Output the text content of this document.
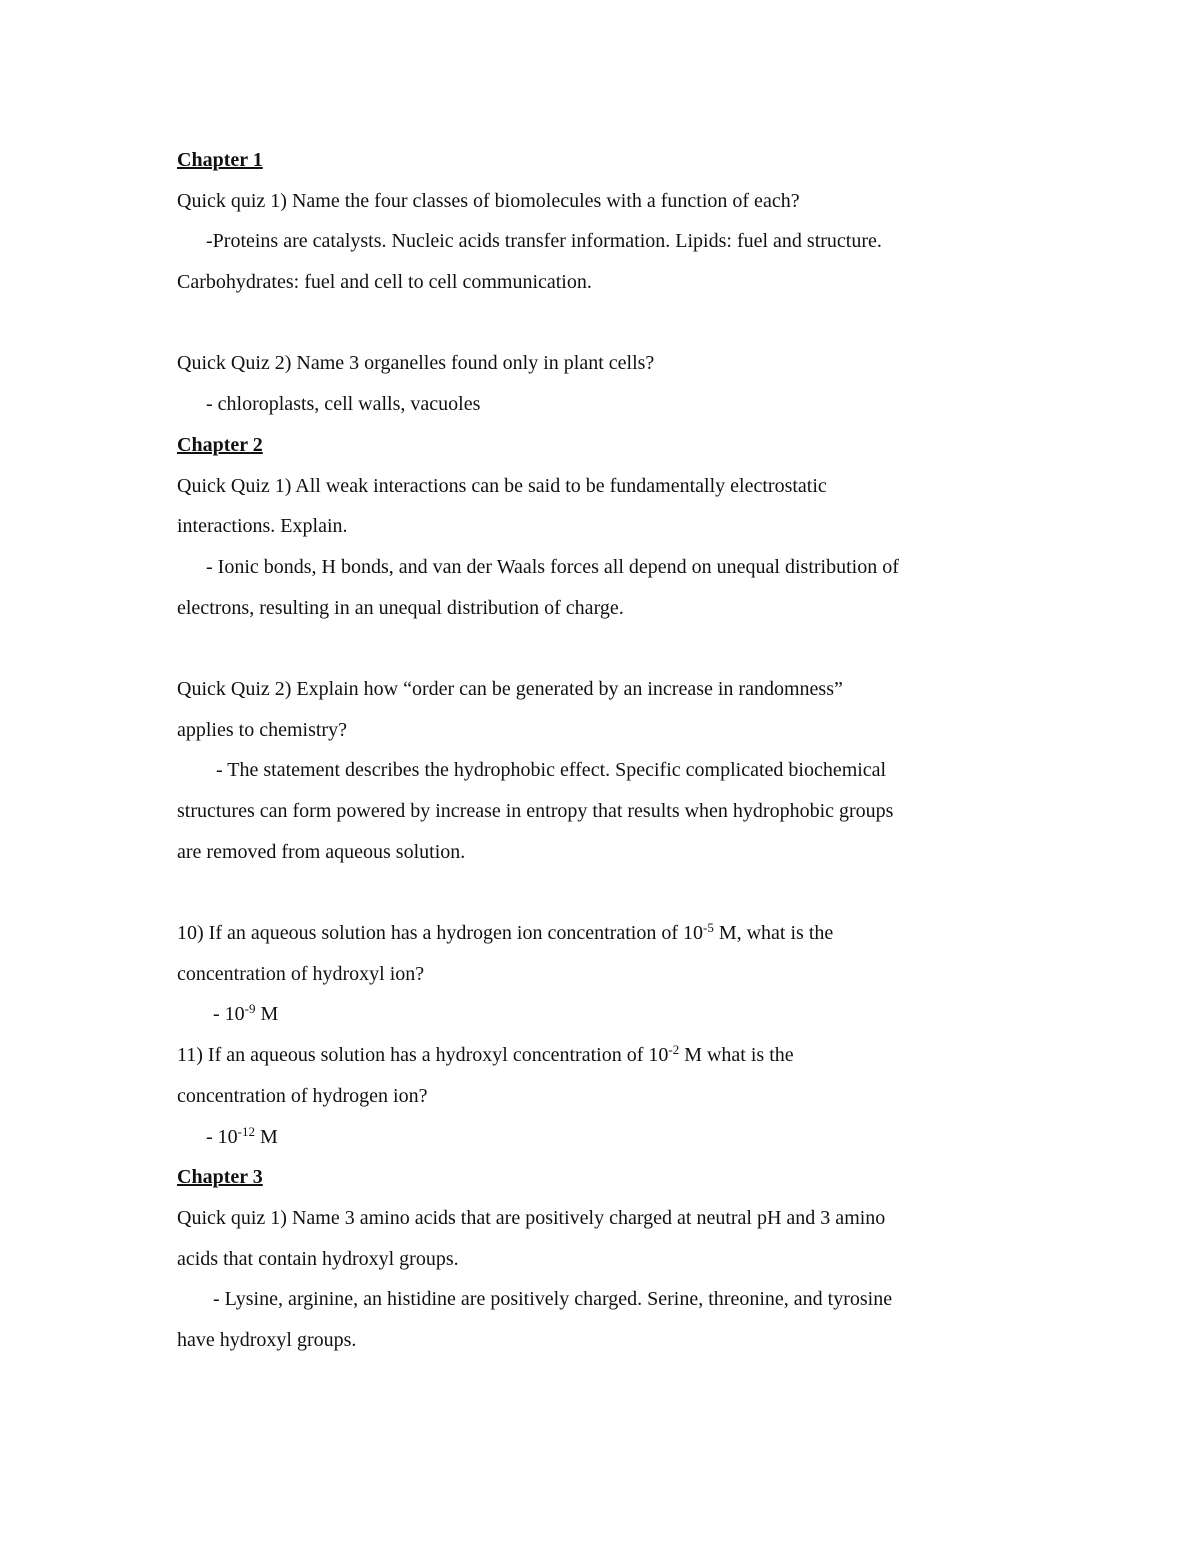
Chapter 1
Quick quiz 1) Name the four classes of biomolecules with a function of each?
-Proteins are catalysts. Nucleic acids transfer information. Lipids: fuel and structure.
Carbohydrates: fuel and cell to cell communication.
Quick Quiz 2) Name 3 organelles found only in plant cells?
- chloroplasts, cell walls, vacuoles
Chapter 2
Quick Quiz 1) All weak interactions can be said to be fundamentally electrostatic
interactions. Explain.
- Ionic bonds, H bonds, and van der Waals forces all depend on unequal distribution of
electrons, resulting in an unequal distribution of charge.
Quick Quiz 2) Explain how “order can be generated by an increase in randomness”
applies to chemistry?
- The statement describes the hydrophobic effect. Specific complicated biochemical
structures can form powered by increase in entropy that results when hydrophobic groups
are removed from aqueous solution.
10) If an aqueous solution has a hydrogen ion concentration of $10^{-5}$ M, what is the
concentration of hydroxyl ion?
- $10^{-9}$ M
11) If an aqueous solution has a hydroxyl concentration of $10^{-2}$ M what is the
concentration of hydrogen ion?
- $10^{-12}$ M
Chapter 3
Quick quiz 1) Name 3 amino acids that are positively charged at neutral pH and 3 amino
acids that contain hydroxyl groups.
- Lysine, arginine, an histidine are positively charged. Serine, threonine, and tyrosine
have hydroxyl groups.
